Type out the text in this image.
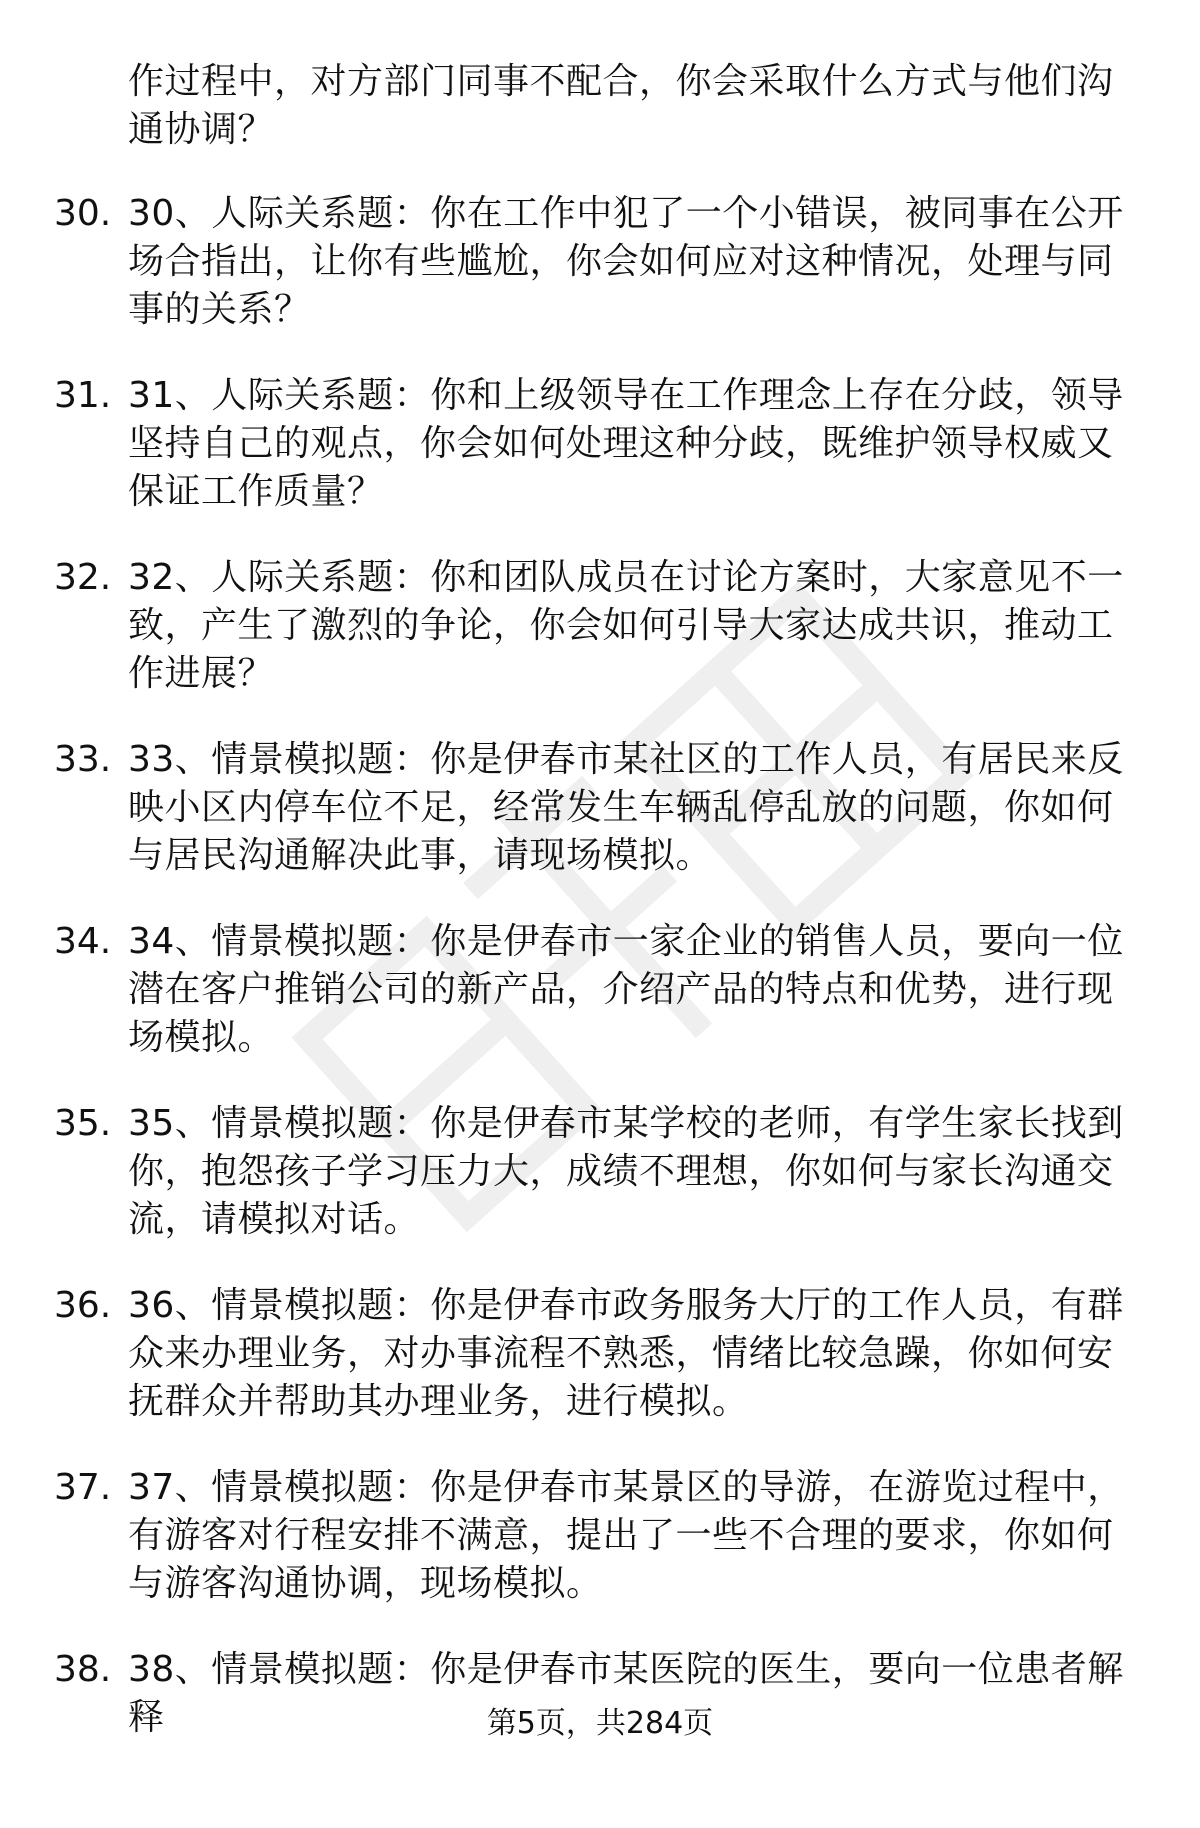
作过程中，对方部门同事不配合，你会采取什么方式与他们沟通协调？
30. 30、人际关系题：你在工作中犯了一个小错误，被同事在公开场合指出，让你有些尴尬，你会如何应对这种情况，处理与同事的关系？
31. 31、人际关系题：你和上级领导在工作理念上存在分歧，领导坚持自己的观点，你会如何处理这种分歧，既维护领导权威又保证工作质量？
32. 32、人际关系题：你和团队成员在讨论方案时，大家意见不一致，产生了激烈的争论，你会如何引导大家达成共识，推动工作进展？
33. 33、情景模拟题：你是伊春市某社区的工作人员，有居民来反映小区内停车位不足，经常发生车辆乱停乱放的问题，你如何与居民沟通解决此事，请现场模拟。
34. 34、情景模拟题：你是伊春市一家企业的销售人员，要向一位潜在客户推销公司的新产品，介绍产品的特点和优势，进行现场模拟。
35. 35、情景模拟题：你是伊春市某学校的老师，有学生家长找到你，抱怨孩子学习压力大，成绩不理想，你如何与家长沟通交流，请模拟对话。
36. 36、情景模拟题：你是伊春市政务服务大厅的工作人员，有群众来办理业务，对办事流程不熟悉，情绪比较急躁，你如何安抚群众并帮助其办理业务，进行模拟。
37. 37、情景模拟题：你是伊春市某景区的导游，在游览过程中，有游客对行程安排不满意，提出了一些不合理的要求，你如何与游客沟通协调，现场模拟。
38. 38、情景模拟题：你是伊春市某医院的医生，要向一位患者解释	第5页，共284页
